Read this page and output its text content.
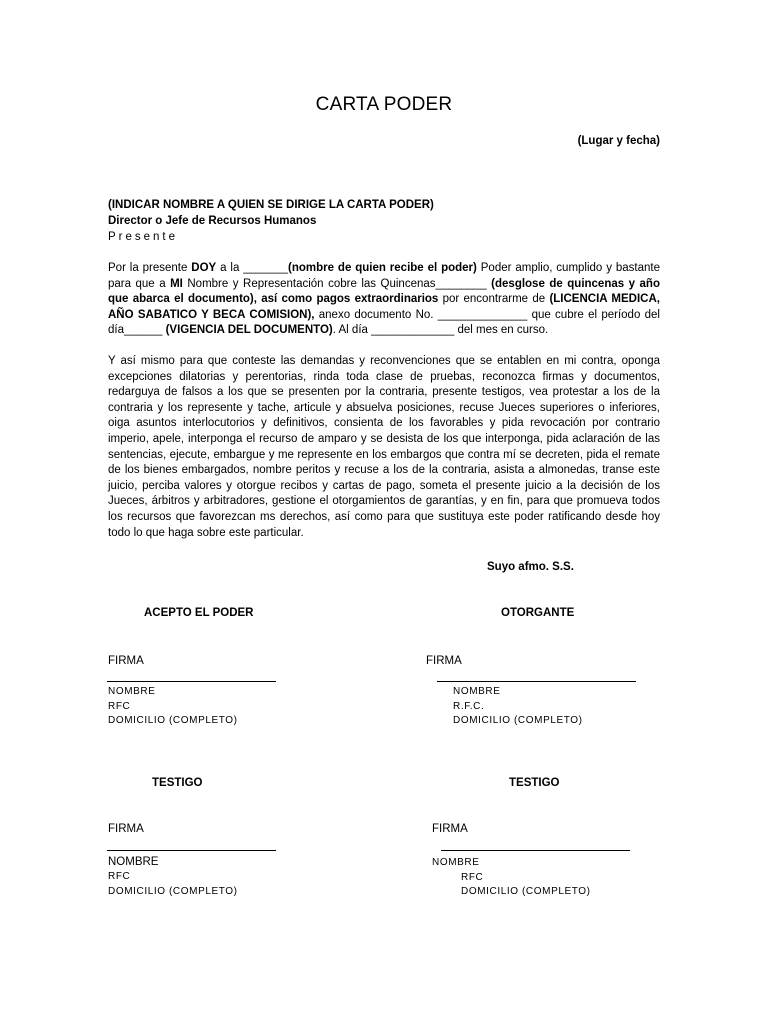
CARTA PODER
(Lugar y fecha)
(INDICAR NOMBRE A QUIEN SE DIRIGE LA CARTA PODER)
Director o Jefe de Recursos Humanos
Presente
Por la presente DOY a la _______(nombre de quien recibe el poder) Poder amplio, cumplido y bastante para que a MI Nombre y Representación cobre las Quincenas________ (desglose de quincenas y año que abarca el documento), así como pagos extraordinarios por encontrarme de (LICENCIA MEDICA, AÑO SABATICO Y BECA COMISION), anexo documento No. ______________ que cubre el período del día______ (VIGENCIA DEL DOCUMENTO). Al día _____________ del mes en curso.
Y así mismo para que conteste las demandas y reconvenciones que se entablen en mi contra, oponga excepciones dilatorias y perentorias, rinda toda clase de pruebas, reconozca firmas y documentos, redarguya de falsos a los que se presenten por la contraria, presente testigos, vea protestar a los de la contraria y los represente y tache, articule y absuelva posiciones, recuse Jueces superiores o inferiores, oiga asuntos interlocutorios y definitivos, consienta de los favorables y pida revocación por contrario imperio, apele, interponga el recurso de amparo y se desista de los que interponga, pida aclaración de las sentencias, ejecute, embargue y me represente en los embargos que contra mí se decreten, pida el remate de los bienes embargados, nombre peritos y recuse a los de la contraria, asista a almonedas, transe este juicio, perciba valores y otorgue recibos y cartas de pago, someta el presente juicio a la decisión de los Jueces, árbitros y arbitradores, gestione el otorgamientos de garantías, y en fin, para que promueva todos los recursos que favorezcan ms derechos, así como para que sustituya este poder ratificando desde hoy todo lo que haga sobre este particular.
Suyo afmo. S.S.
ACEPTO EL PODER	OTORGANTE
FIRMA	FIRMA
NOMBRE
RFC
DOMICILIO (COMPLETO)
NOMBRE
R.F.C.
DOMICILIO (COMPLETO)
TESTIGO	TESTIGO
FIRMA	FIRMA
NOMBRE
RFC
DOMICILIO (COMPLETO)
NOMBRE
RFC
DOMICILIO (COMPLETO)
